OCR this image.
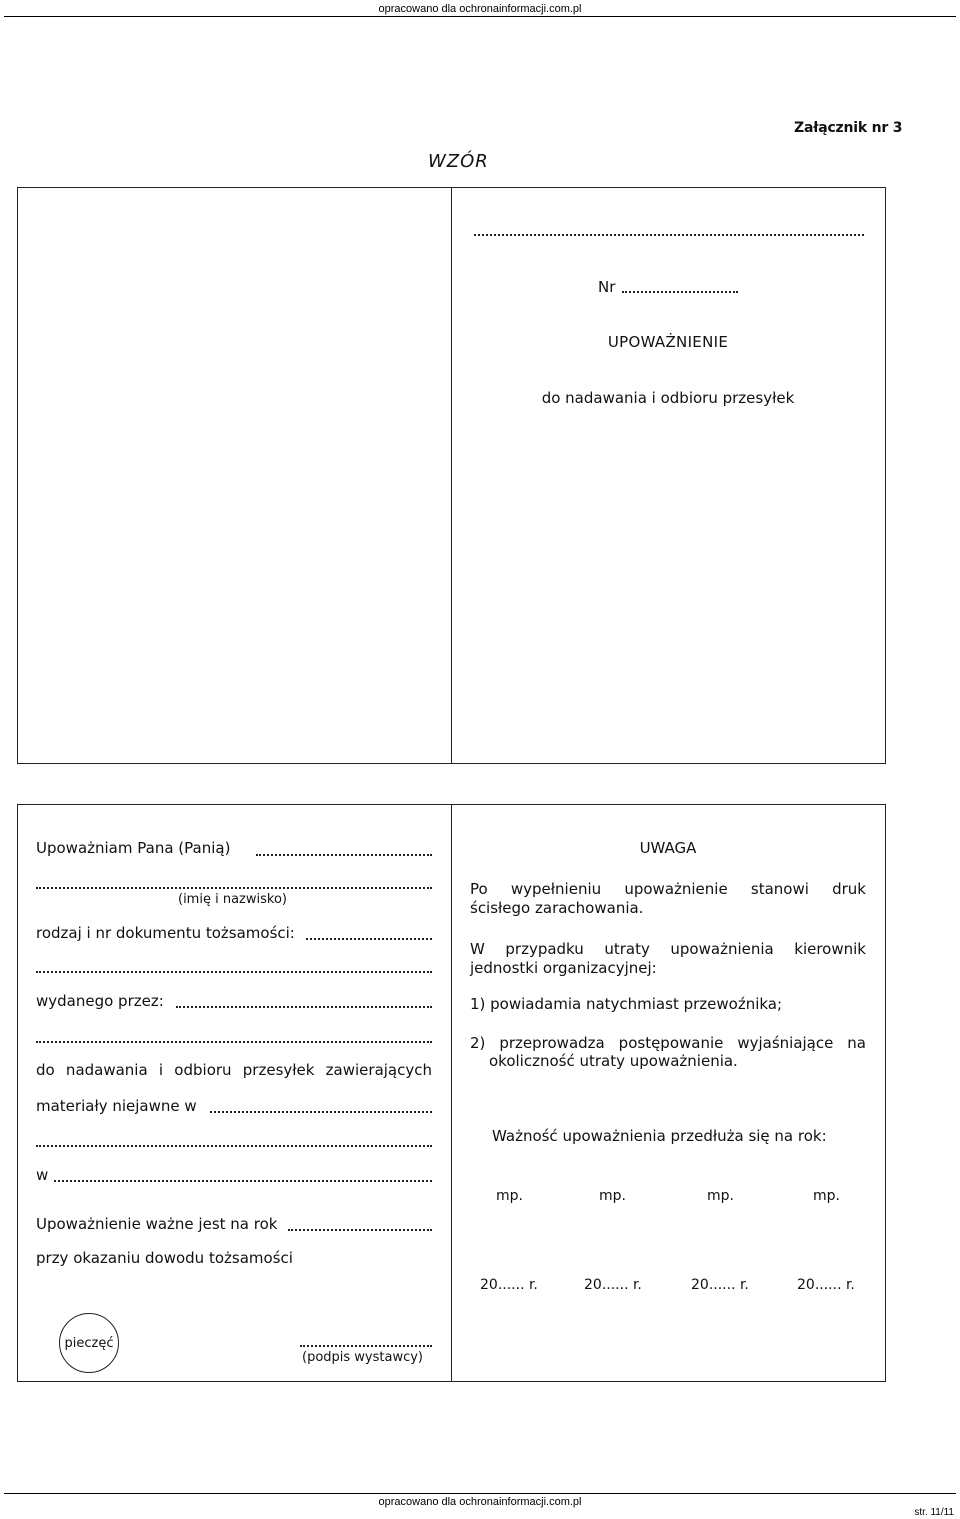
opracowano dla ochronainformacji.com.pl
Załącznik nr 3
WZÓR
Nr
UPOWAŻNIENIE
do nadawania i odbioru przesyłek
Upoważniam Pana (Panią)
(imię i nazwisko)
rodzaj i nr dokumentu tożsamości:
wydanego przez:
do nadawania i odbioru przesyłek zawierających
materiały niejawne w
w
Upoważnienie ważne jest na rok
przy okazaniu dowodu tożsamości
pieczęć
(podpis wystawcy)
UWAGA
Po wypełnieniu upoważnienie stanowi druk
ścisłego zarachowania.
W przypadku utraty upoważnienia kierownik
jednostki organizacyjnej:
1) powiadamia natychmiast przewoźnika;
2) przeprowadza postępowanie wyjaśniające na
okoliczność utraty upoważnienia.
Ważność upoważnienia przedłuża się na rok:
mp.	mp.	mp.	mp.
20...... r.	20...... r.	20...... r.	20...... r.
opracowano dla ochronainformacji.com.pl
str. 11/11
